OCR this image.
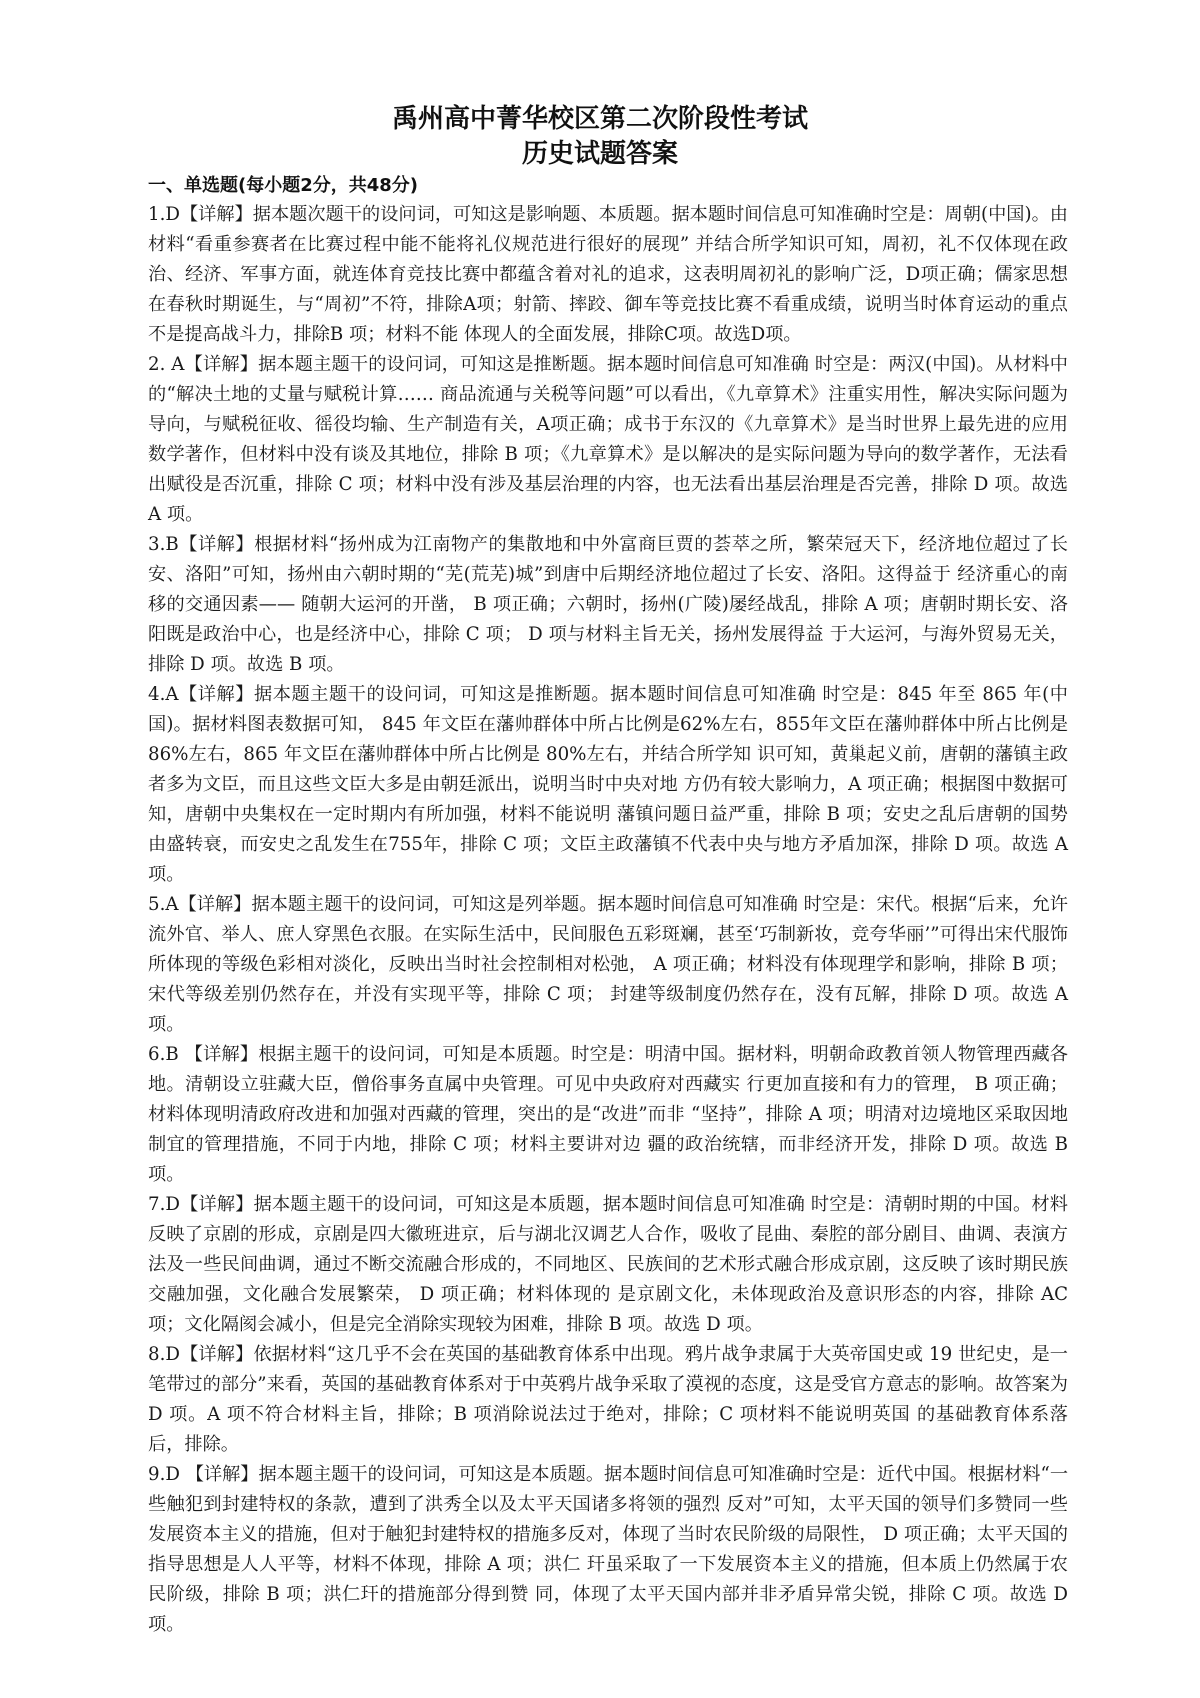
禹州高中菁华校区第二次阶段性考试
历史试题答案
一、单选题(每小题2分，共48分)

1.D【详解】据本题次题干的设问词，可知这是影响题、本质题。据本题时间信息可知准确时空是：周朝(中国)。由材料“看重参赛者在比赛过程中能不能将礼仪规范进行很好的展现” 并结合所学知识可知，周初，礼不仅体现在政治、经济、军事方面，就连体育竞技比赛中都蕴含着对礼的追求，这表明周初礼的影响广泛，D项正确；儒家思想在春秋时期诞生，与“周初”不符，排除A项；射箭、摔跤、御车等竞技比赛不看重成绩，说明当时体育运动的重点不是提高战斗力，排除B 项；材料不能 体现人的全面发展，排除C项。故选D项。

2. A【详解】据本题主题干的设问词，可知这是推断题。据本题时间信息可知准确 时空是：两汉(中国)。从材料中的“解决土地的丈量与赋税计算…… 商品流通与关税等问题”可以看出，《九章算术》注重实用性，解决实际问题为导向，与赋税征收、徭役均输、生产制造有关，A项正确；成书于东汉的《九章算术》是当时世界上最先进的应用数学著作，但材料中没有谈及其地位，排除 B 项；《九章算术》是以解决的是实际问题为导向的数学著作，无法看出赋役是否沉重，排除 C 项；材料中没有涉及基层治理的内容，也无法看出基层治理是否完善，排除 D 项。故选 A 项。

3.B【详解】根据材料“扬州成为江南物产的集散地和中外富商巨贾的荟萃之所，繁荣冠天下，经济地位超过了长安、洛阳”可知，扬州由六朝时期的“芜(荒芜)城”到唐中后期经济地位超过了长安、洛阳。这得益于 经济重心的南移的交通因素—— 随朝大运河的开凿， B 项正确；六朝时，扬州(广陵)屡经战乱，排除 A 项；唐朝时期长安、洛阳既是政治中心，也是经济中心，排除 C 项； D 项与材料主旨无关，扬州发展得益 于大运河，与海外贸易无关，排除 D 项。故选 B 项。

4.A【详解】据本题主题干的设问词，可知这是推断题。据本题时间信息可知准确 时空是：845 年至 865 年(中国)。据材料图表数据可知， 845 年文臣在藩帅群体中所占比例是62%左右，855年文臣在藩帅群体中所占比例是 86%左右，865 年文臣在藩帅群体中所占比例是 80%左右，并结合所学知 识可知，黄巢起义前，唐朝的藩镇主政者多为文臣，而且这些文臣大多是由朝廷派出，说明当时中央对地 方仍有较大影响力，A 项正确；根据图中数据可知，唐朝中央集权在一定时期内有所加强，材料不能说明 藩镇问题日益严重，排除 B 项；安史之乱后唐朝的国势由盛转衰，而安史之乱发生在755年，排除 C 项；文臣主政藩镇不代表中央与地方矛盾加深，排除 D 项。故选 A 项。

5.A【详解】据本题主题干的设问词，可知这是列举题。据本题时间信息可知准确 时空是：宋代。根据“后来，允许流外官、举人、庶人穿黑色衣服。在实际生活中，民间服色五彩斑斓，甚至‘巧制新妆，竞夸华丽’”可得出宋代服饰所体现的等级色彩相对淡化，反映出当时社会控制相对松弛， A 项正确；材料没有体现理学和影响，排除 B 项；宋代等级差别仍然存在，并没有实现平等，排除 C 项； 封建等级制度仍然存在，没有瓦解，排除 D 项。故选 A 项。

6.B 【详解】根据主题干的设问词，可知是本质题。时空是：明清中国。据材料，明朝命政教首领人物管理西藏各地。清朝设立驻藏大臣，僧俗事务直属中央管理。可见中央政府对西藏实 行更加直接和有力的管理， B 项正确；材料体现明清政府改进和加强对西藏的管理，突出的是“改进”而非 “坚持”，排除 A 项；明清对边境地区采取因地制宜的管理措施，不同于内地，排除 C 项；材料主要讲对边 疆的政治统辖，而非经济开发，排除 D 项。故选 B 项。

7.D【详解】据本题主题干的设问词，可知这是本质题，据本题时间信息可知准确 时空是：清朝时期的中国。材料反映了京剧的形成，京剧是四大徽班进京，后与湖北汉调艺人合作，吸收了昆曲、秦腔的部分剧目、曲调、表演方法及一些民间曲调，通过不断交流融合形成的，不同地区、民族间的艺术形式融合形成京剧，这反映了该时期民族交融加强，文化融合发展繁荣， D 项正确；材料体现的 是京剧文化，未体现政治及意识形态的内容，排除 AC 项；文化隔阂会减小，但是完全消除实现较为困难，排除 B 项。故选 D 项。

8.D【详解】依据材料“这几乎不会在英国的基础教育体系中出现。鸦片战争隶属于大英帝国史或 19 世纪史，是一笔带过的部分”来看，英国的基础教育体系对于中英鸦片战争采取了漠视的态度，这是受官方意志的影响。故答案为 D 项。A 项不符合材料主旨，排除；B 项消除说法过于绝对，排除；C 项材料不能说明英国 的基础教育体系落后，排除。

9.D 【详解】据本题主题干的设问词，可知这是本质题。据本题时间信息可知准确时空是：近代中国。根据材料“一些触犯到封建特权的条款，遭到了洪秀全以及太平天国诸多将领的强烈 反对”可知，太平天国的领导们多赞同一些发展资本主义的措施，但对于触犯封建特权的措施多反对，体现了当时农民阶级的局限性， D 项正确；太平天国的指导思想是人人平等，材料不体现，排除 A 项；洪仁 玕虽采取了一下发展资本主义的措施，但本质上仍然属于农民阶级，排除 B 项；洪仁玕的措施部分得到赞 同，体现了太平天国内部并非矛盾异常尖锐，排除 C 项。故选 D 项。
